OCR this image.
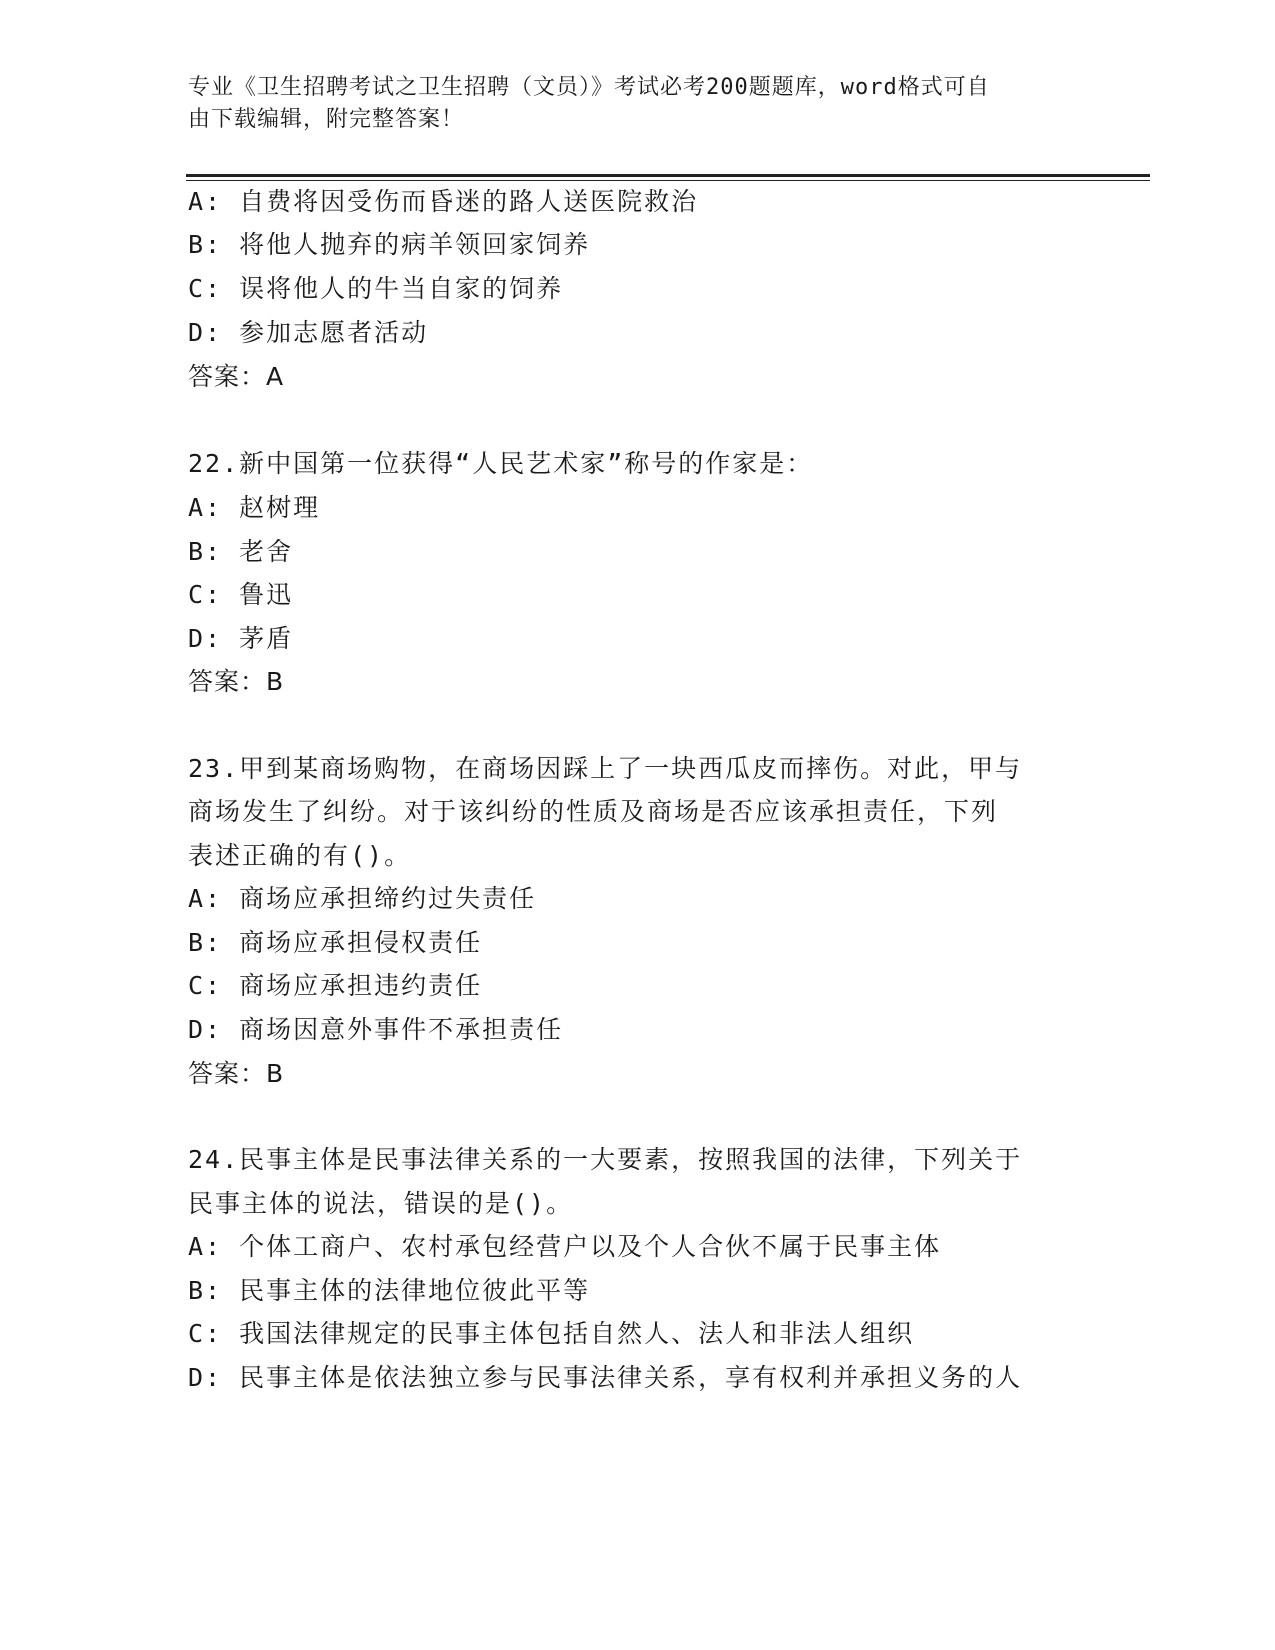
专业《卫生招聘考试之卫生招聘（文员）》考试必考200题题库，word格式可自
由下载编辑，附完整答案！
A: 自费将因受伤而昏迷的路人送医院救治
B: 将他人抛弃的病羊领回家饲养
C: 误将他人的牛当自家的饲养
D: 参加志愿者活动
答案：A
22.新中国第一位获得“人民艺术家”称号的作家是：
A: 赵树理
B: 老舍
C: 鲁迅
D: 茅盾
答案：B
23.甲到某商场购物，在商场因踩上了一块西瓜皮而摔伤。对此，甲与
商场发生了纠纷。对于该纠纷的性质及商场是否应该承担责任，下列
表述正确的有()。
A: 商场应承担缔约过失责任
B: 商场应承担侵权责任
C: 商场应承担违约责任
D: 商场因意外事件不承担责任
答案：B
24.民事主体是民事法律关系的一大要素，按照我国的法律，下列关于
民事主体的说法，错误的是()。
A: 个体工商户、农村承包经营户以及个人合伙不属于民事主体
B: 民事主体的法律地位彼此平等
C: 我国法律规定的民事主体包括自然人、法人和非法人组织
D: 民事主体是依法独立参与民事法律关系，享有权利并承担义务的人
